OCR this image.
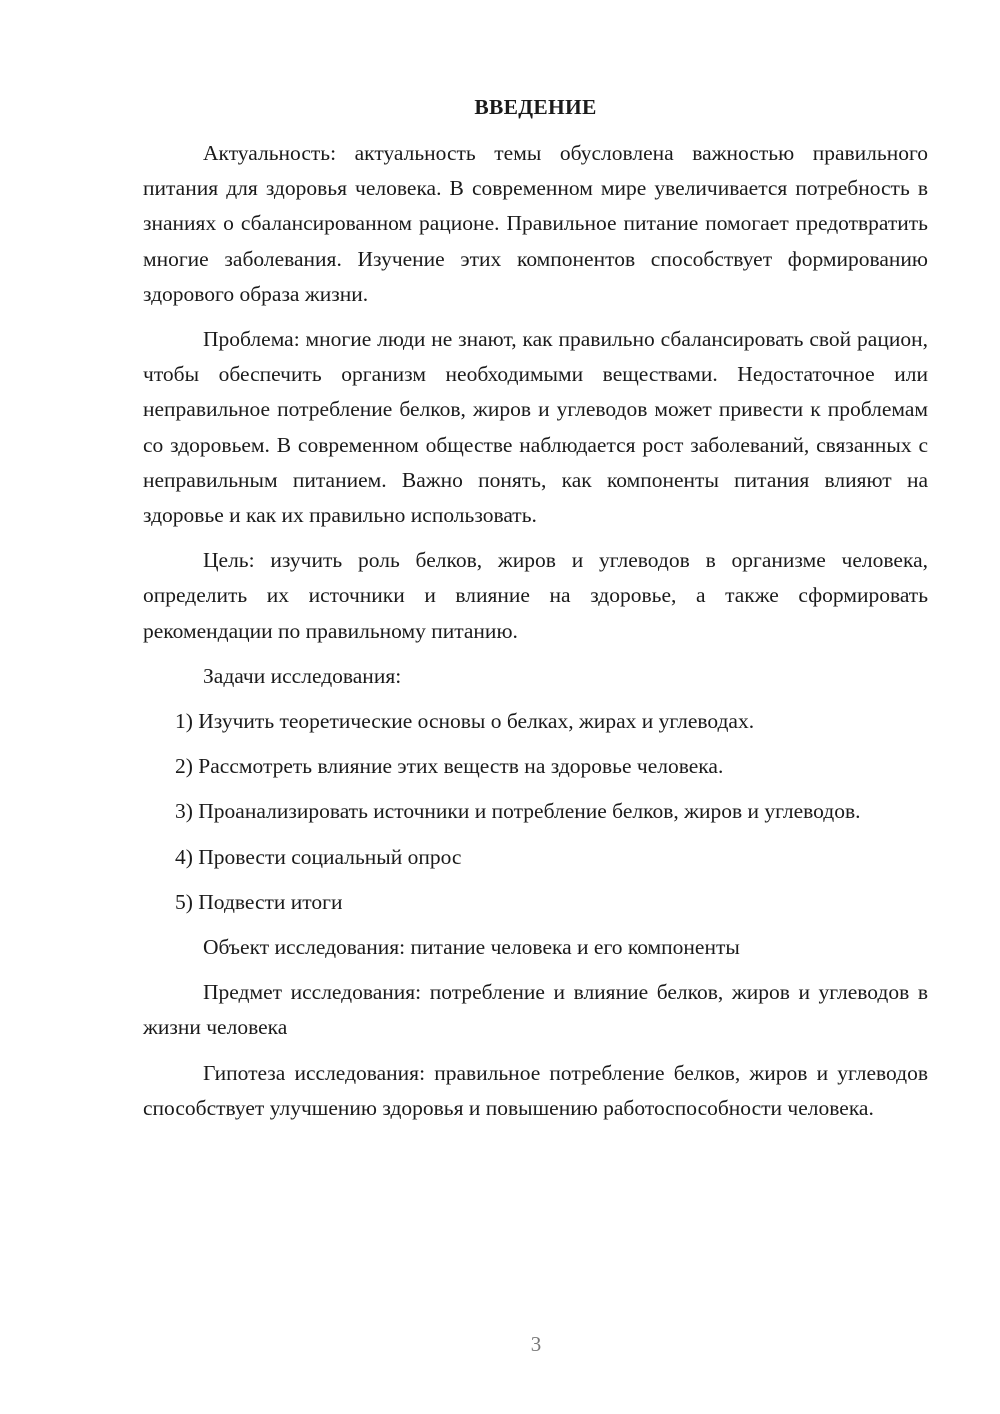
ВВЕДЕНИЕ

Актуальность: актуальность темы обусловлена важностью правильного питания для здоровья человека. В современном мире увеличивается потребность в знаниях о сбалансированном рационе. Правильное питание помогает предотвратить многие заболевания. Изучение этих компонентов способствует формированию здорового образа жизни.

Проблема: многие люди не знают, как правильно сбалансировать свой рацион, чтобы обеспечить организм необходимыми веществами. Недостаточное или неправильное потребление белков, жиров и углеводов может привести к проблемам со здоровьем. В современном обществе наблюдается рост заболеваний, связанных с неправильным питанием. Важно понять, как компоненты питания влияют на здоровье и как их правильно использовать.

Цель: изучить роль белков, жиров и углеводов в организме человека, определить их источники и влияние на здоровье, а также сформировать рекомендации по правильному питанию.

Задачи исследования:

1) Изучить теоретические основы о белках, жирах и углеводах.

2) Рассмотреть влияние этих веществ на здоровье человека.

3) Проанализировать источники и потребление белков, жиров и углеводов.

4) Провести социальный опрос

5) Подвести итоги

Объект исследования: питание человека и его компоненты

Предмет исследования: потребление и влияние белков, жиров и углеводов в жизни человека

Гипотеза исследования: правильное потребление белков, жиров и углеводов способствует улучшению здоровья и повышению работоспособности человека.

3
